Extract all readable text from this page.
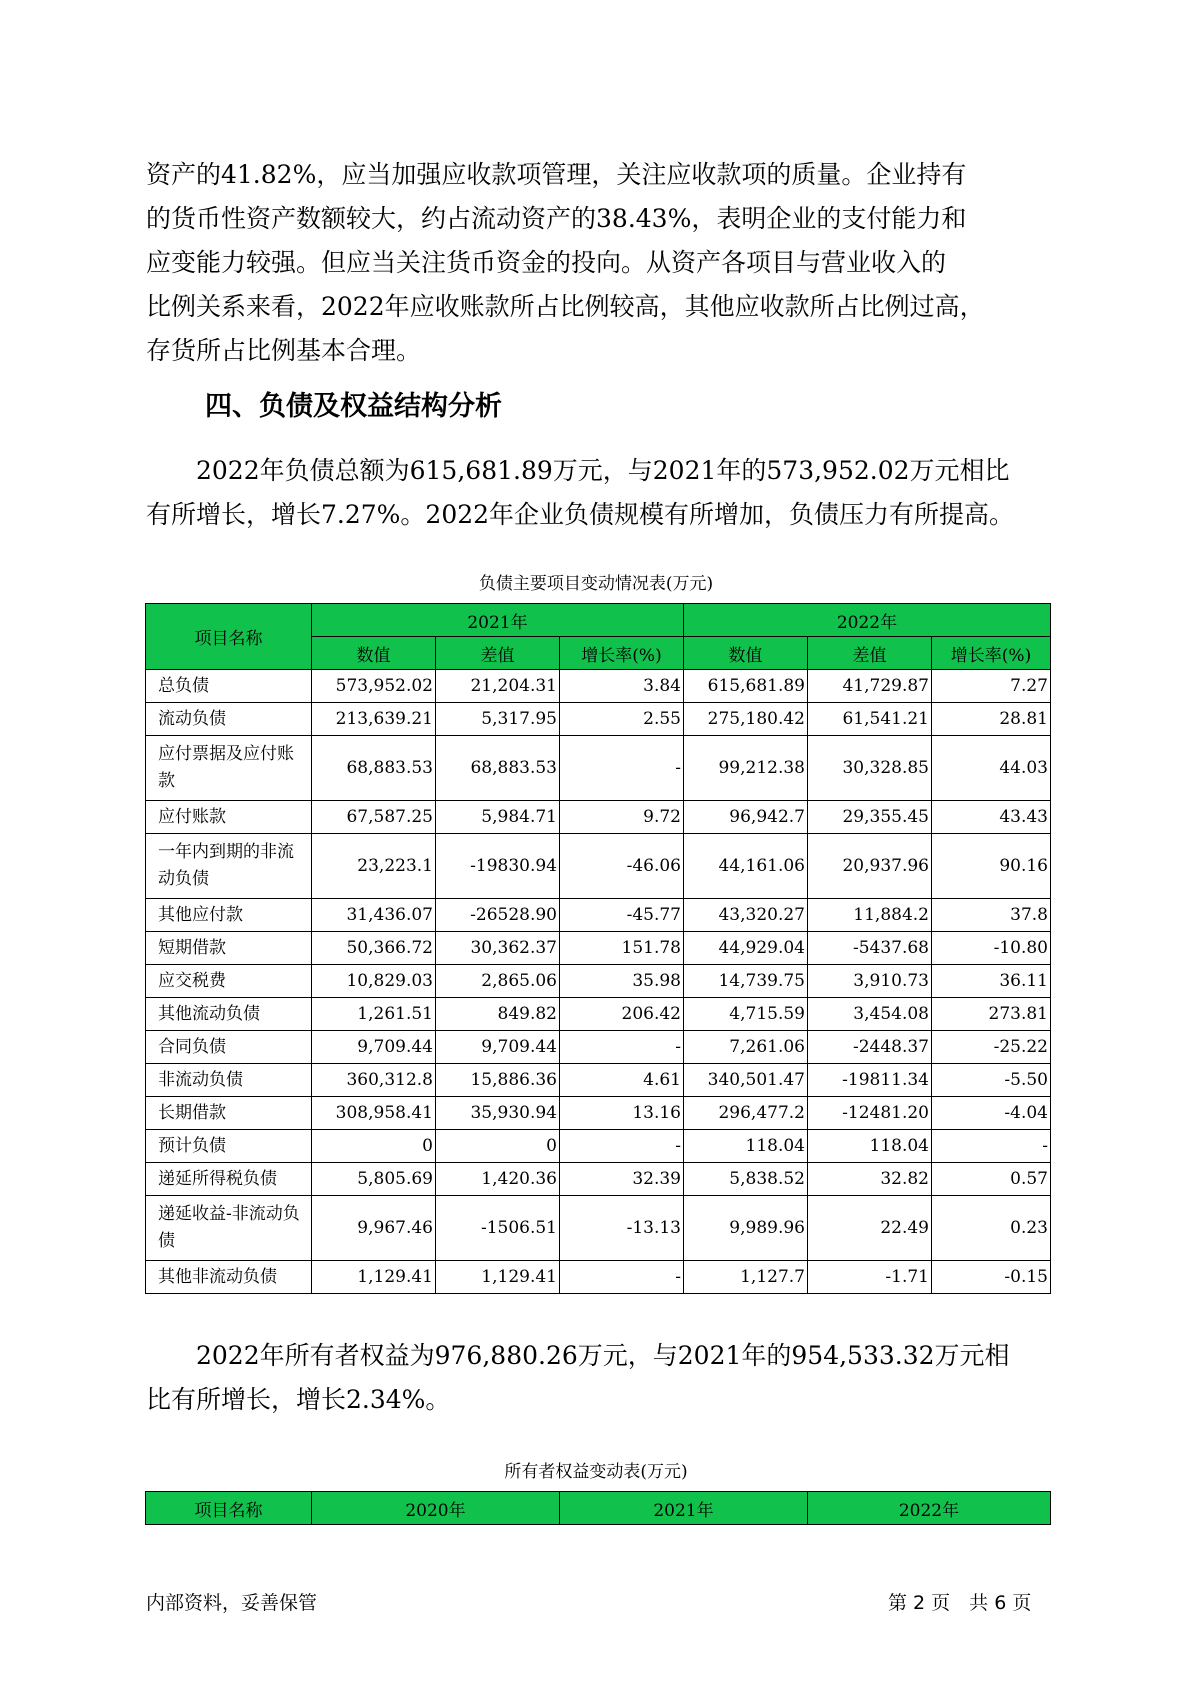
资产的41.82%，应当加强应收款项管理，关注应收款项的质量。企业持有
的货币性资产数额较大，约占流动资产的38.43%，表明企业的支付能力和
应变能力较强。但应当关注货币资金的投向。从资产各项目与营业收入的
比例关系来看，2022年应收账款所占比例较高，其他应收款所占比例过高，
存货所占比例基本合理。
四、负债及权益结构分析
　　2022年负债总额为615,681.89万元，与2021年的573,952.02万元相比
有所增长，增长7.27%。2022年企业负债规模有所增加，负债压力有所提高。
负债主要项目变动情况表(万元)
项目名称	2021年			2022年		
	数值	差值	增长率(%)	数值	差值	增长率(%)
总负债	573,952.02	21,204.31	3.84	615,681.89	41,729.87	7.27
流动负债	213,639.21	5,317.95	2.55	275,180.42	61,541.21	28.81
应付票据及应付账款	68,883.53	68,883.53	-	99,212.38	30,328.85	44.03
应付账款	67,587.25	5,984.71	9.72	96,942.7	29,355.45	43.43
一年内到期的非流动负债	23,223.1	-19830.94	-46.06	44,161.06	20,937.96	90.16
其他应付款	31,436.07	-26528.90	-45.77	43,320.27	11,884.2	37.8
短期借款	50,366.72	30,362.37	151.78	44,929.04	-5437.68	-10.80
应交税费	10,829.03	2,865.06	35.98	14,739.75	3,910.73	36.11
其他流动负债	1,261.51	849.82	206.42	4,715.59	3,454.08	273.81
合同负债	9,709.44	9,709.44	-	7,261.06	-2448.37	-25.22
非流动负债	360,312.8	15,886.36	4.61	340,501.47	-19811.34	-5.50
长期借款	308,958.41	35,930.94	13.16	296,477.2	-12481.20	-4.04
预计负债	0	0	-	118.04	118.04	-
递延所得税负债	5,805.69	1,420.36	32.39	5,838.52	32.82	0.57
递延收益-非流动负债	9,967.46	-1506.51	-13.13	9,989.96	22.49	0.23
其他非流动负债	1,129.41	1,129.41	-	1,127.7	-1.71	-0.15
　　2022年所有者权益为976,880.26万元，与2021年的954,533.32万元相
比有所增长，增长2.34%。
所有者权益变动表(万元)
项目名称	2020年	2021年	2022年
内部资料，妥善保管	第 2 页　共 6 页
